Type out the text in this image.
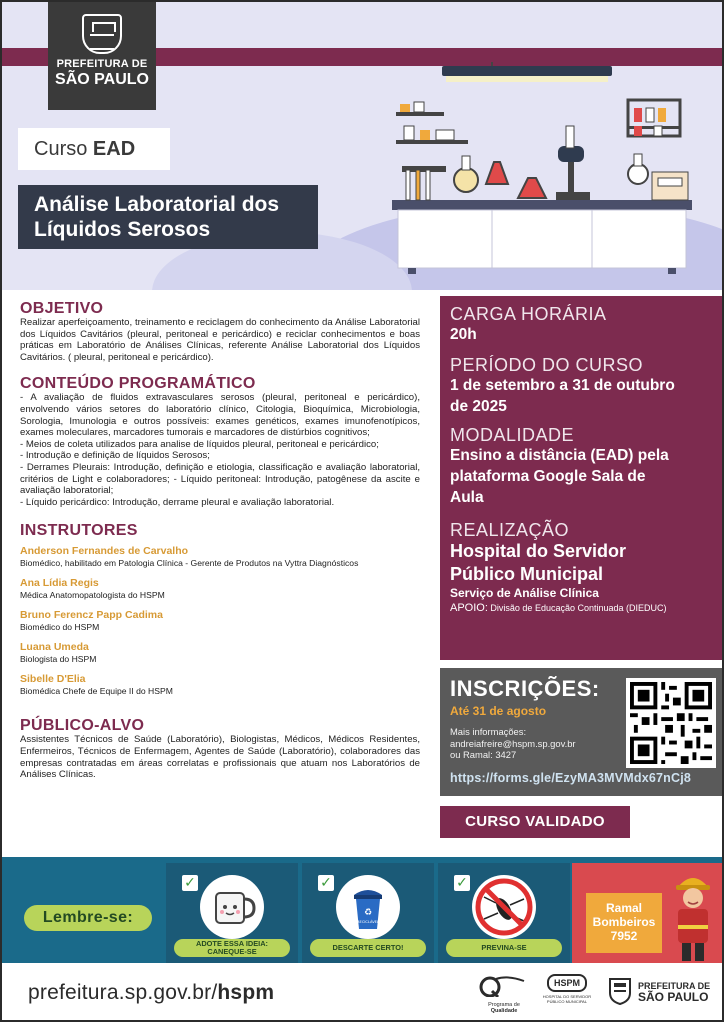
PREFEITURA DE
SÃO PAULO
Curso EAD
Análise Laboratorial dos
Líquidos Serosos
OBJETIVO
Realizar aperfeiçoamento, treinamento e reciclagem do conhecimento da Análise Laboratorial dos Líquidos Cavitários (pleural, peritoneal e pericárdico) e reciclar conhecimentos e boas práticas em Laboratório de Análises Clínicas, referente Análise Laboratorial dos Líquidos Cavitários. ( pleural, peritoneal e pericárdico).
CONTEÚDO PROGRAMÁTICO
- A avaliação de fluidos extravasculares serosos (pleural, peritoneal e pericárdico), envolvendo vários setores do laboratório clínico, Citologia, Bioquímica, Microbiologia, Sorologia, Imunologia e outros possíveis: exames genéticos, exames imunofenotípicos, exames moleculares, marcadores tumorais e marcadores de distúrbios cognitivos;
- Meios de coleta utilizados para analise de líquidos pleural, peritoneal e pericárdico;
- Introdução e definição de líquidos Serosos;
- Derrames Pleurais: Introdução, definição e etiologia, classificação e avaliação laboratorial, critérios de Light e colaboradores; - Líquido peritoneal: Introdução, patogênese da ascite e avaliação laboratorial;
- Líquido pericárdico: Introdução, derrame pleural e avaliação laboratorial.
INSTRUTORES
Anderson Fernandes de Carvalho
Biomédico, habilitado em Patologia Clínica - Gerente de Produtos na Vyttra Diagnósticos
Ana Lídia Regis
Médica Anatomopatologista do HSPM
Bruno Ferencz Papp Cadima
Biomédico do HSPM
Luana Umeda
Biologista do HSPM
Sibelle D'Elia
Biomédica Chefe de Equipe II do HSPM
PÚBLICO-ALVO
Assistentes Técnicos de Saúde (Laboratório), Biologistas, Médicos, Médicos Residentes, Enfermeiros, Técnicos de Enfermagem, Agentes de Saúde (Laboratório), colaboradores das empresas contratadas em áreas correlatas e profissionais que atuam nos Laboratórios de Análises Clínicas.
CARGA HORÁRIA
20h
PERÍODO DO CURSO
1 de setembro a 31 de outubro de 2025
MODALIDADE
Ensino a distância (EAD) pela plataforma Google Sala de Aula
REALIZAÇÃO
Hospital do Servidor Público Municipal
Serviço de Análise Clínica
APOIO: Divisão de Educação Continuada (DIEDUC)
INSCRIÇÕES:
Até 31 de agosto
Mais informações:
andreiafreire@hspm.sp.gov.br
ou Ramal: 3427
https://forms.gle/EzyMA3MVMdx67nCj8
CURSO VALIDADO
Lembre-se:
✓
ADOTE ESSA IDEIA: CANEQUE-SE
✓
♻
RECICLÁVEL
DESCARTE CERTO!
✓
PREVINA-SE
Ramal
Bombeiros
7952
prefeitura.sp.gov.br/hspm
Programa de
Qualidade
HSPM
HOSPITAL DO SERVIDOR PÚBLICO MUNICIPAL
PREFEITURA DE
SÃO PAULO
